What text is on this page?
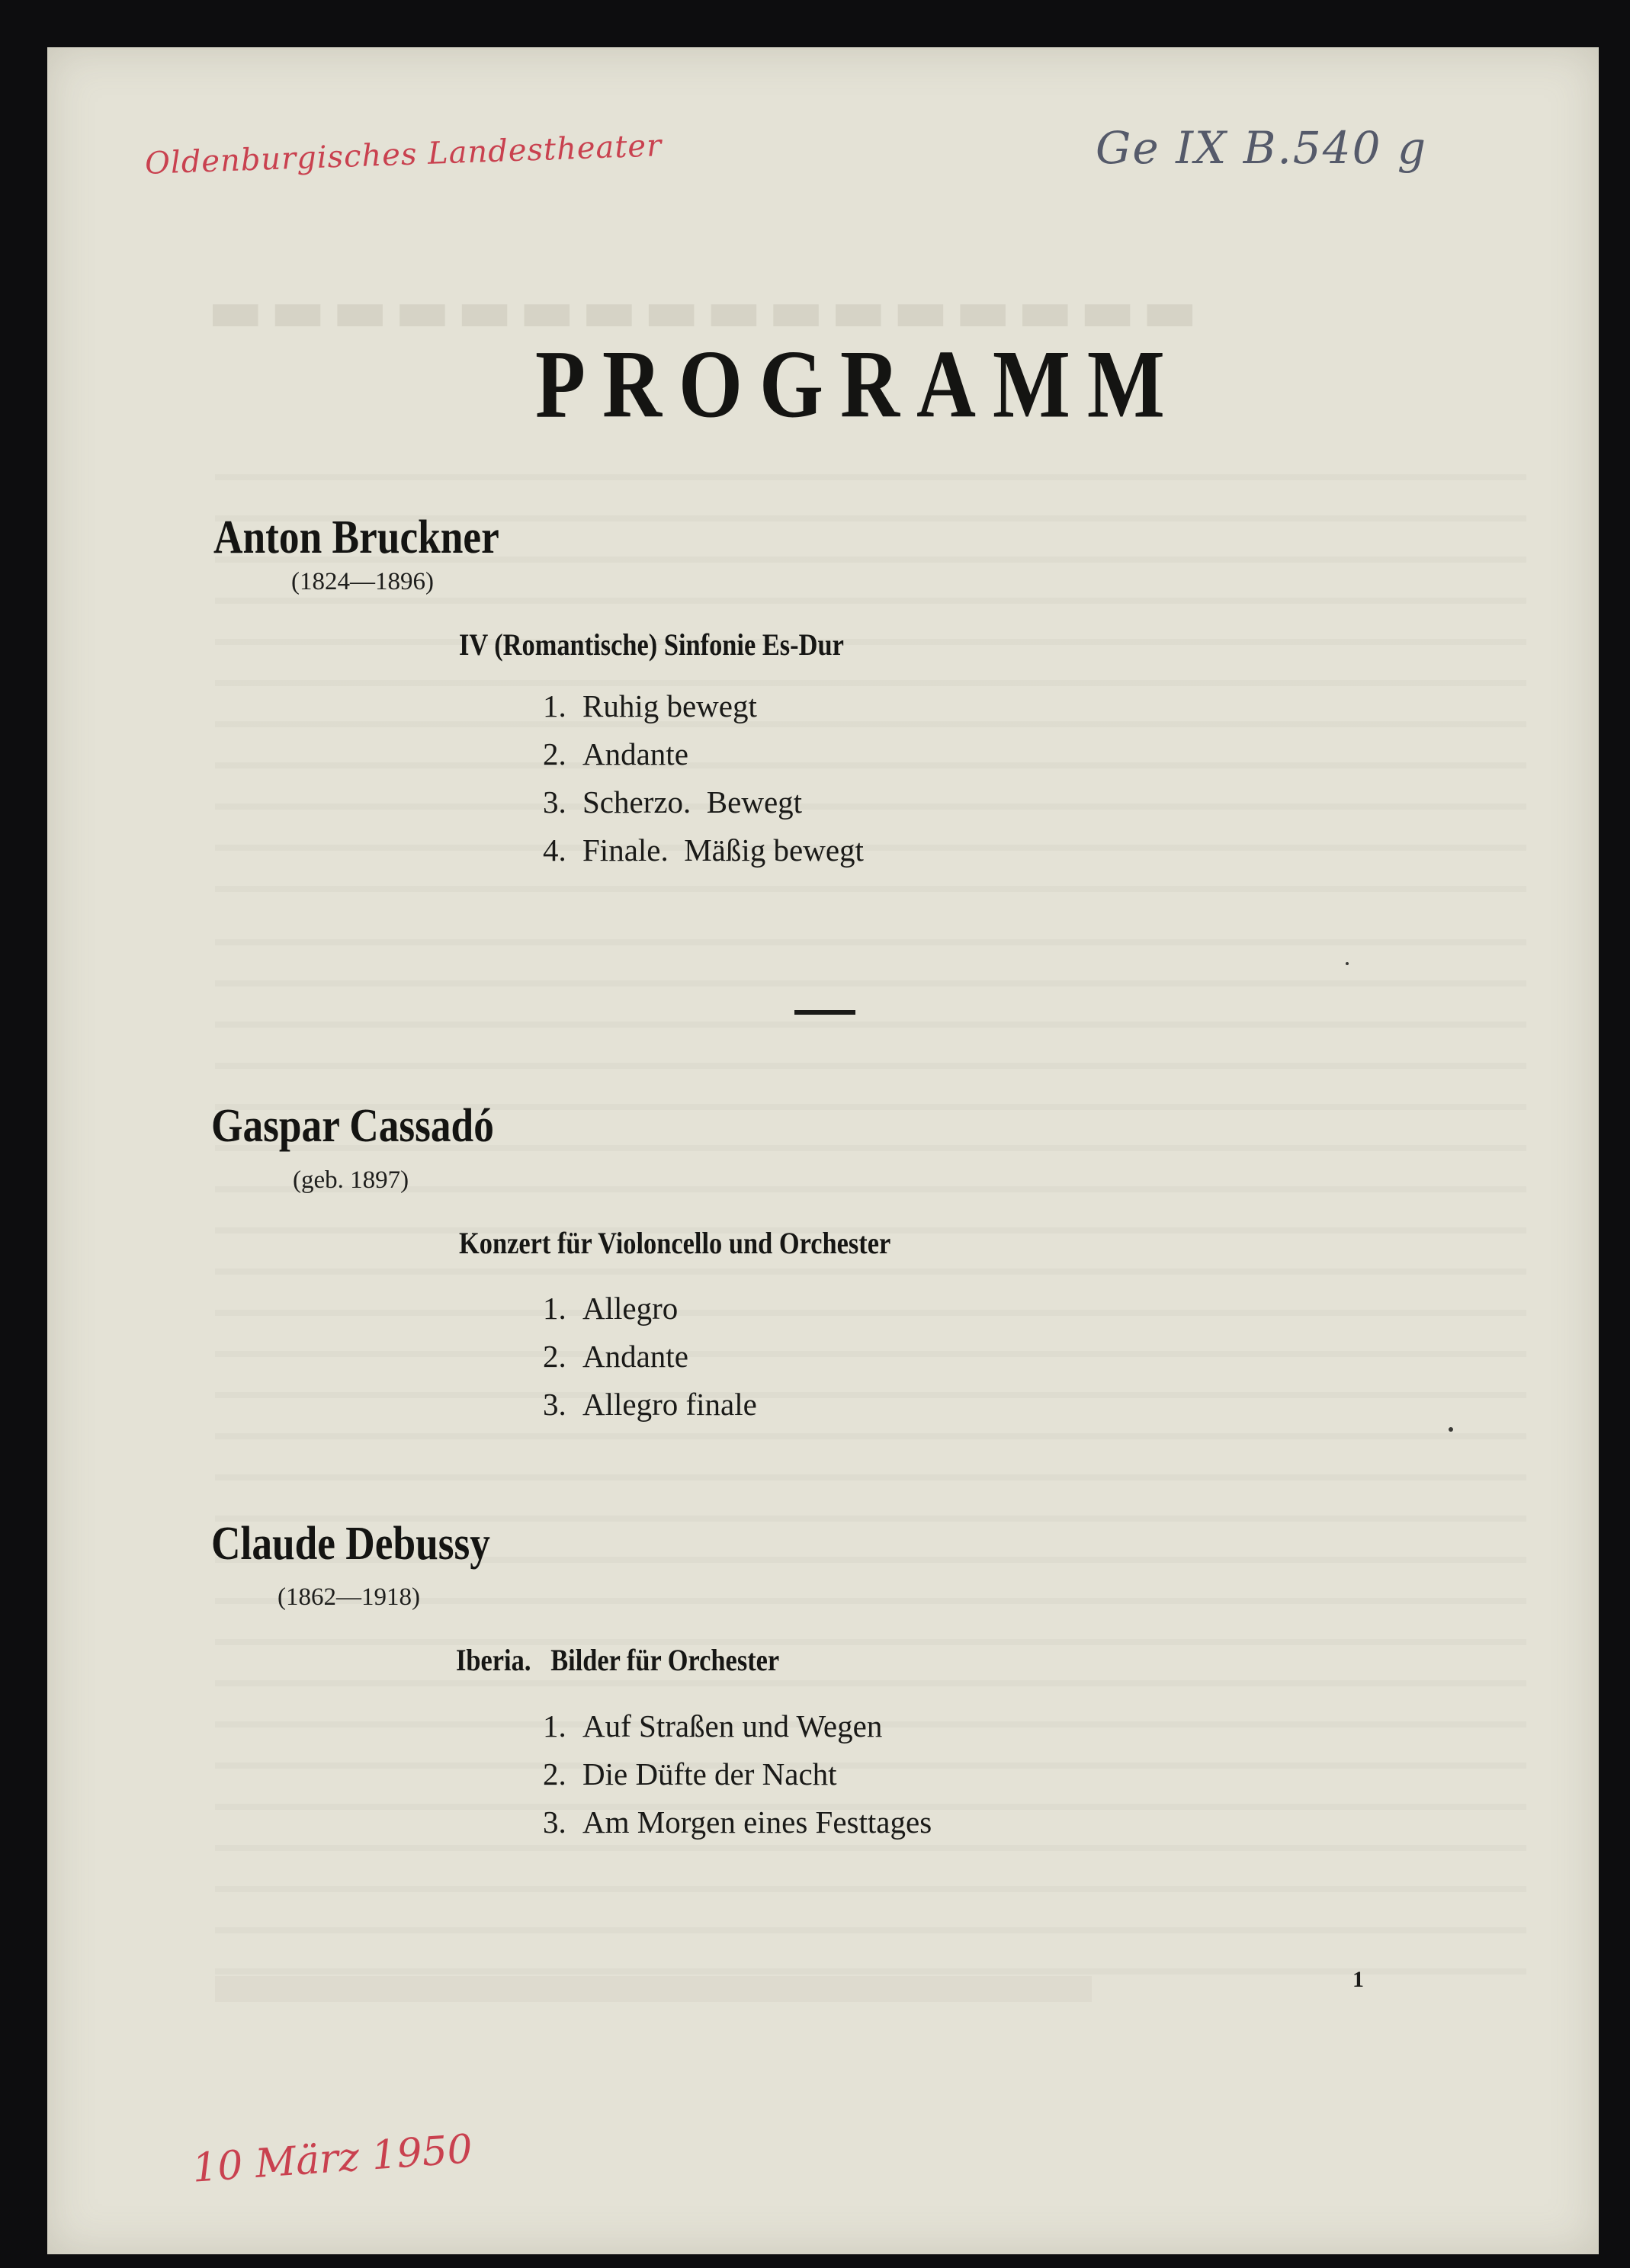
▬▬▬▬▬▬▬▬▬▬▬▬▬▬▬▬
Oldenburgisches Landestheater	Ge IX B.540 g
10 März 1950
PROGRAMM
Anton Bruckner
(1824—1896)
IV (Romantische) Sinfonie Es-Dur
1. Ruhig bewegt
2. Andante
3. Scherzo.  Bewegt
4. Finale.  Mäßig bewegt
Gaspar Cassadó
(geb. 1897)
Konzert für Violoncello und Orchester
1. Allegro
2. Andante
3. Allegro finale
Claude Debussy
(1862—1918)
Iberia.   Bilder für Orchester
1. Auf Straßen und Wegen
2. Die Düfte der Nacht
3. Am Morgen eines Festtages
1
